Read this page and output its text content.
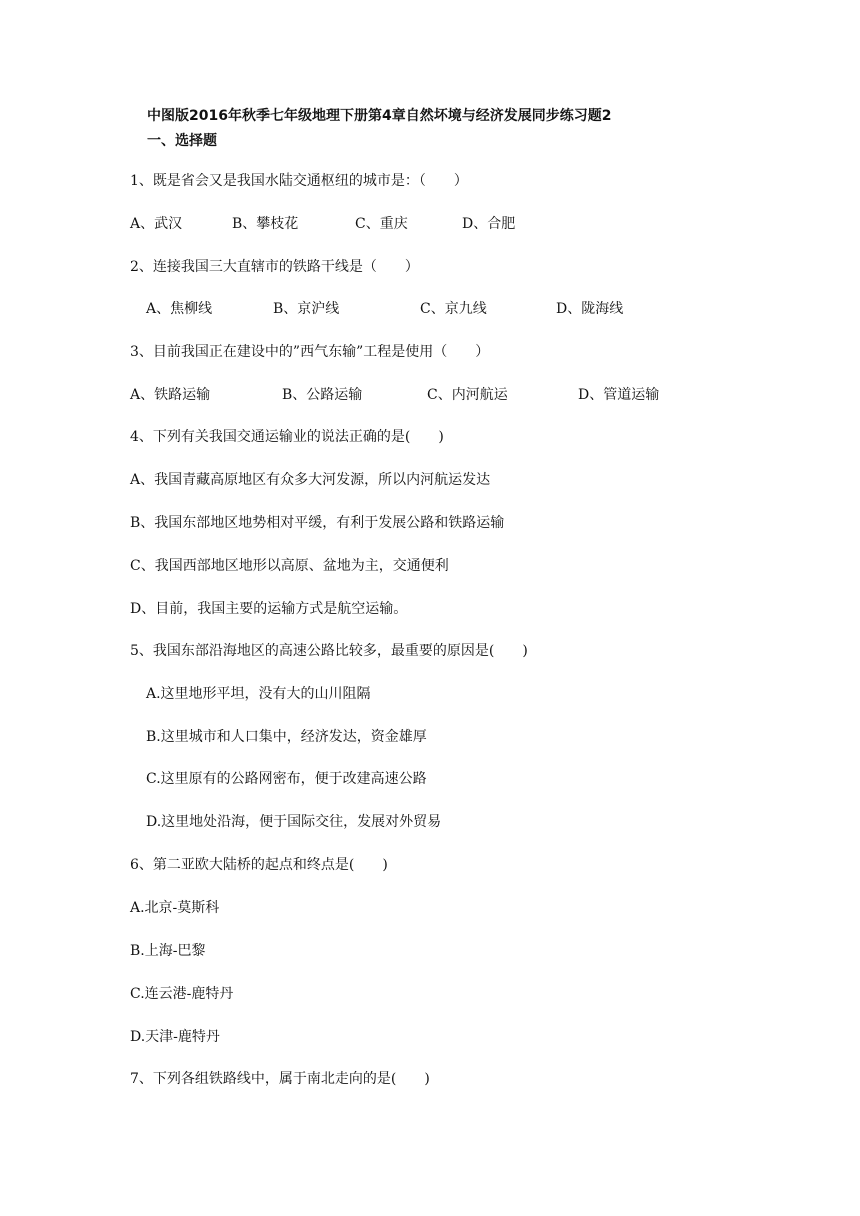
中图版2016年秋季七年级地理下册第4章自然坏境与经济发展同步练习题2
一、选择题
1、既是省会又是我国水陆交通枢纽的城市是：（　　）
A、武汉	B、攀枝花	C、重庆	D、合肥
2、连接我国三大直辖市的铁路干线是（　　）
A、焦柳线	B、京沪线	C、京九线	D、陇海线
3、目前我国正在建设中的”西气东输”工程是使用（　　）
A、铁路运输	B、公路运输	C、内河航运	D、管道运输
4、下列有关我国交通运输业的说法正确的是(　　)
A、我国青藏高原地区有众多大河发源，所以内河航运发达
B、我国东部地区地势相对平缓，有利于发展公路和铁路运输
C、我国西部地区地形以高原、盆地为主，交通便利
D、目前，我国主要的运输方式是航空运输。
5、我国东部沿海地区的高速公路比较多，最重要的原因是(　　)
A.这里地形平坦，没有大的山川阻隔
B.这里城市和人口集中，经济发达，资金雄厚
C.这里原有的公路网密布，便于改建高速公路
D.这里地处沿海，便于国际交往，发展对外贸易
6、第二亚欧大陆桥的起点和终点是(　　)
A.北京-莫斯科
B.上海-巴黎
C.连云港-鹿特丹
D.天津-鹿特丹
7、下列各组铁路线中，属于南北走向的是(　　)
